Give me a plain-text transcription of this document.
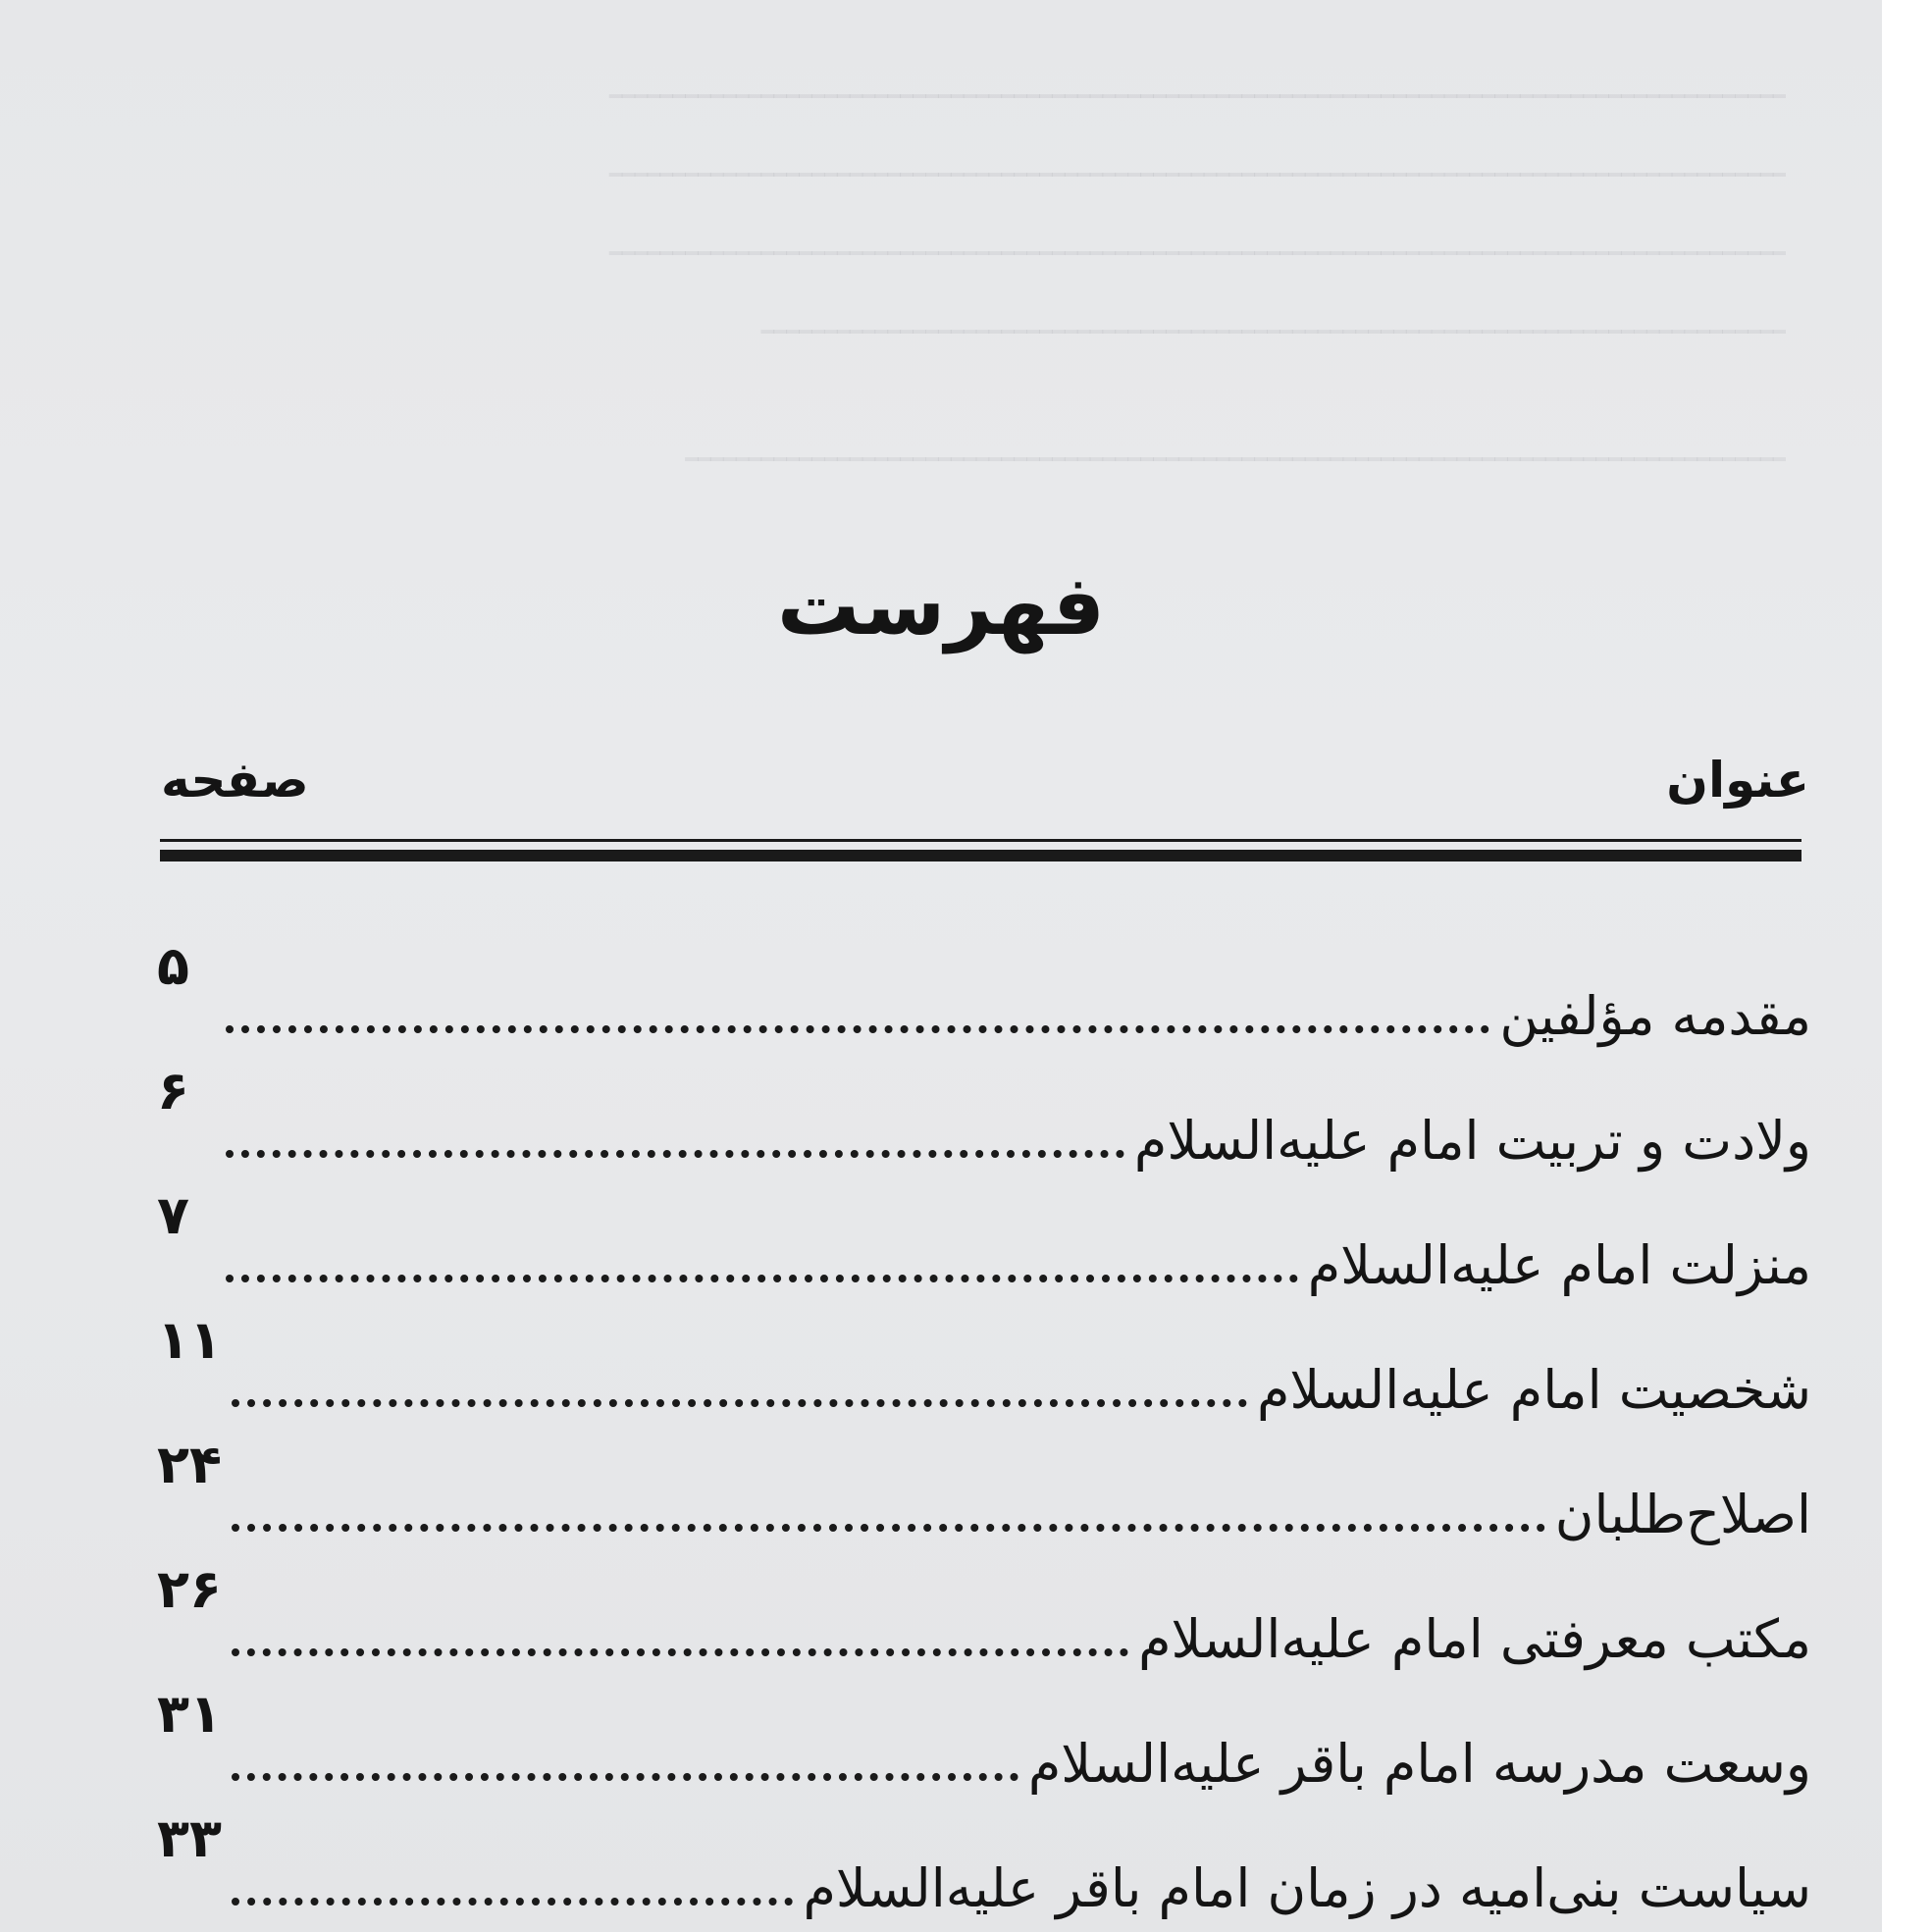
ـــــــــــــــــــــــــــــــــــــــــــــــــــــــــــــــــــــــــــــــــــــــــــــ
ـــــــــــــــــــــــــــــــــــــــــــــــــــــــــــــــــــــــــــــــــــــــــــــ
ـــــــــــــــــــــــــــــــــــــــــــــــــــــــــــــــــــــــــــــــــــــــــــــ
ـــــــــــــــــــــــــــــــــــــــــــــــــــــــــــــــــــــــــــــــــ
ـــــــــــــــــــــــــــــــــــــــــــــــــــــــــــــــــــــــــــــــــــــــ
فهرست
عنوان
صفحه
مقدمه مؤلفین
۵
ولادت و تربیت امام علیه‌السلام
۶
منزلت امام علیه‌السلام
۷
شخصیت امام علیه‌السلام
۱۱
اصلاح‌طلبان
۲۴
مکتب معرفتی امام علیه‌السلام
۲۶
وسعت مدرسه امام باقر علیه‌السلام
۳۱
سیاست بنی‌امیه در زمان امام باقر علیه‌السلام
۳۳
